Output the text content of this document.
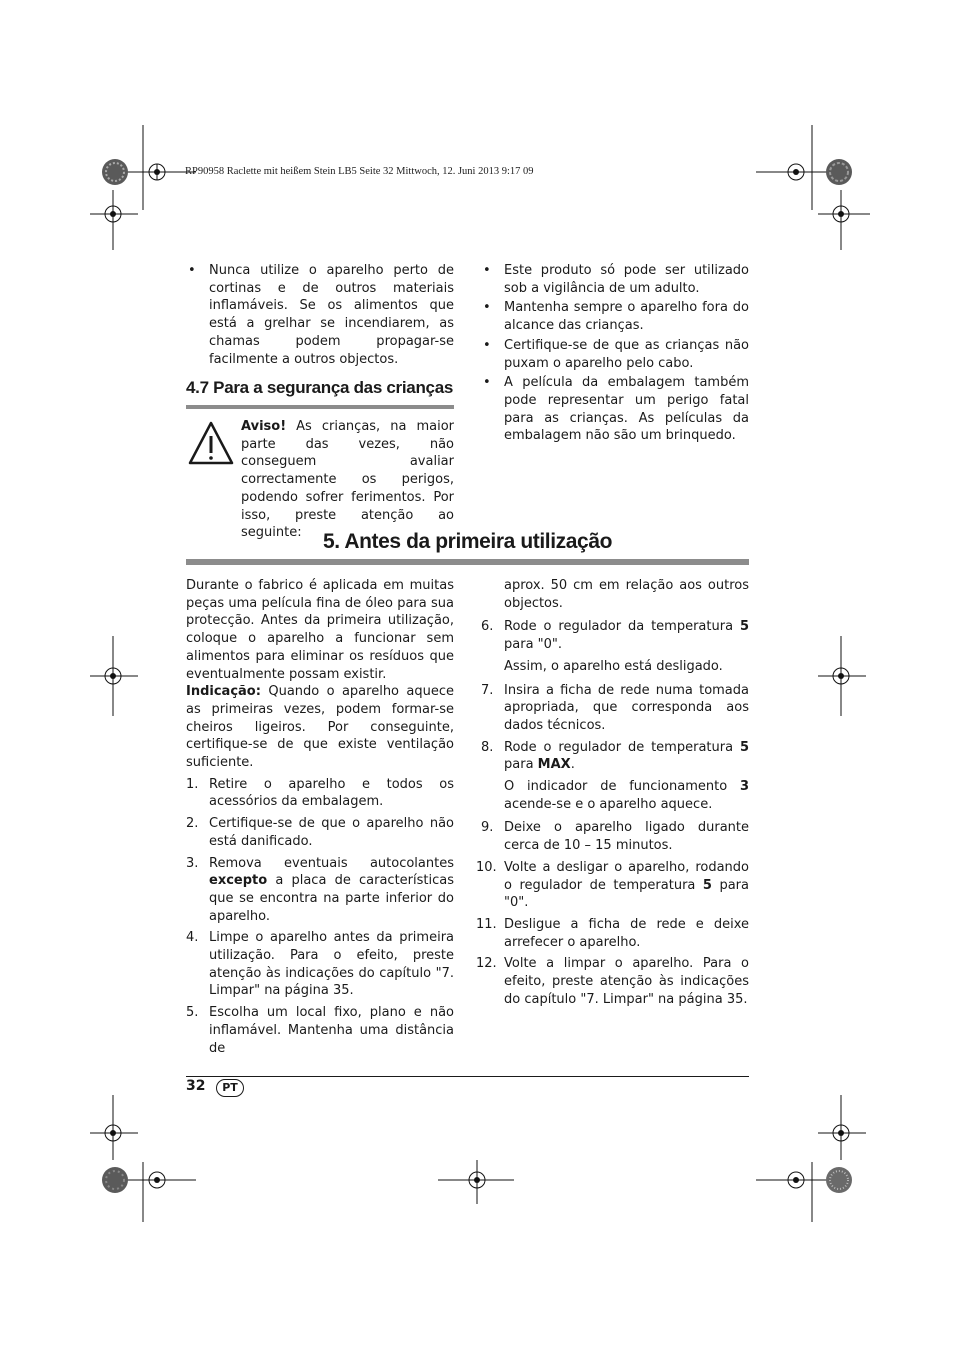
RP90958 Raclette mit heißem Stein LB5 Seite 32 Mittwoch, 12. Juni 2013 9:17 09
• Nunca utilize o aparelho perto de cortinas e de outros materiais inflamáveis. Se os alimentos que está a grelhar se incendiarem, as chamas podem propagar-se facilmente a outros objectos.
4.7 Para a segurança das crianças
Aviso! As crianças, na maior parte das vezes, não conseguem avaliar correctamente os perigos, podendo sofrer ferimentos. Por isso, preste atenção ao seguinte:
• Este produto só pode ser utilizado sob a vigilância de um adulto.
• Mantenha sempre o aparelho fora do alcance das crianças.
• Certifique-se de que as crianças não puxam o aparelho pelo cabo.
• A película da embalagem também pode representar um perigo fatal para as crianças. As películas da embalagem não são um brinquedo.
5. Antes da primeira utilização

Durante o fabrico é aplicada em muitas peças uma película fina de óleo para sua protecção. Antes da primeira utilização, coloque o aparelho a funcionar sem alimentos para eliminar os resíduos que eventualmente possam existir.

Indicação: Quando o aparelho aquece as primeiras vezes, podem formar-se cheiros ligeiros. Por conseguinte, certifique-se de que existe ventilação suficiente.

1. Retire o aparelho e todos os acessórios da embalagem.
2. Certifique-se de que o aparelho não está danificado.
3. Remova eventuais autocolantes excepto a placa de características que se encontra na parte inferior do aparelho.
4. Limpe o aparelho antes da primeira utilização. Para o efeito, preste atenção às indicações do capítulo "7. Limpar" na página 35.
5. Escolha um local fixo, plano e não inflamável. Mantenha uma distância de

aprox. 50 cm em relação aos outros objectos.

6. Rode o regulador da temperatura 5 para "0".

Assim, o aparelho está desligado.

7. Insira a ficha de rede numa tomada apropriada, que corresponda aos dados técnicos.
8. Rode o regulador de temperatura 5 para MAX.

O indicador de funcionamento 3 acende-se e o aparelho aquece.

9. Deixe o aparelho ligado durante cerca de 10 – 15 minutos.
10. Volte a desligar o aparelho, rodando o regulador de temperatura 5 para "0".
11. Desligue a ficha de rede e deixe arrefecer o aparelho.
12. Volte a limpar o aparelho. Para o efeito, preste atenção às indicações do capítulo "7. Limpar" na página 35.
32	PT
